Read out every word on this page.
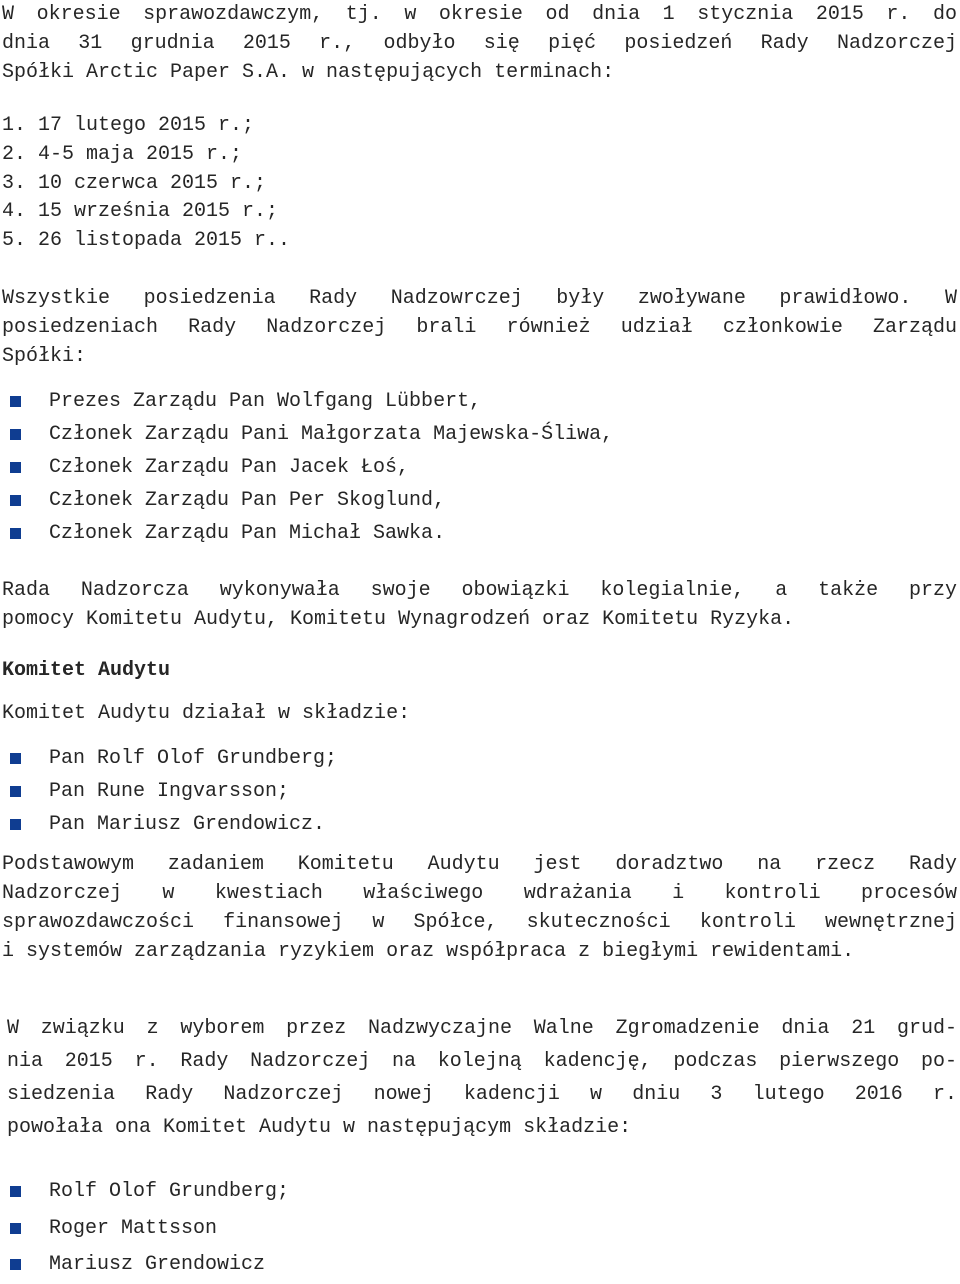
W okresie sprawozdawczym, tj. w okresie od dnia 1 stycznia 2015 r. do
dnia 31 grudnia 2015 r., odbyło się pięć posiedzeń Rady Nadzorczej
Spółki Arctic Paper S.A. w następujących terminach:
1. 17 lutego 2015 r.;
2. 4-5 maja 2015 r.;
3. 10 czerwca 2015 r.;
4. 15 września 2015 r.;
5. 26 listopada 2015 r..
Wszystkie posiedzenia Rady Nadzowrczej były zwoływane prawidłowo. W
posiedzeniach Rady Nadzorczej brali również udział członkowie Zarządu
Spółki:
Prezes Zarządu Pan Wolfgang Lübbert,
Członek Zarządu Pani Małgorzata Majewska-Śliwa,
Członek Zarządu Pan Jacek Łoś,
Członek Zarządu Pan Per Skoglund,
Członek Zarządu Pan Michał Sawka.
Rada Nadzorcza wykonywała swoje obowiązki kolegialnie, a także przy
pomocy Komitetu Audytu, Komitetu Wynagrodzeń oraz Komitetu Ryzyka.
Komitet Audytu
Komitet Audytu działał w składzie:
Pan Rolf Olof Grundberg;
Pan Rune Ingvarsson;
Pan Mariusz Grendowicz.
Podstawowym zadaniem Komitetu Audytu jest doradztwo na rzecz Rady
Nadzorczej w kwestiach właściwego wdrażania i kontroli procesów
sprawozdawczości finansowej w Spółce, skuteczności kontroli wewnętrznej
i systemów zarządzania ryzykiem oraz współpraca z biegłymi rewidentami.
W związku z wyborem przez Nadzwyczajne Walne Zgromadzenie dnia 21 grud-
nia 2015 r. Rady Nadzorczej na kolejną kadencję, podczas pierwszego po-
siedzenia Rady Nadzorczej nowej kadencji w dniu 3 lutego 2016 r.
powołała ona Komitet Audytu w następującym składzie:
Rolf Olof Grundberg;
Roger Mattsson
Mariusz Grendowicz
